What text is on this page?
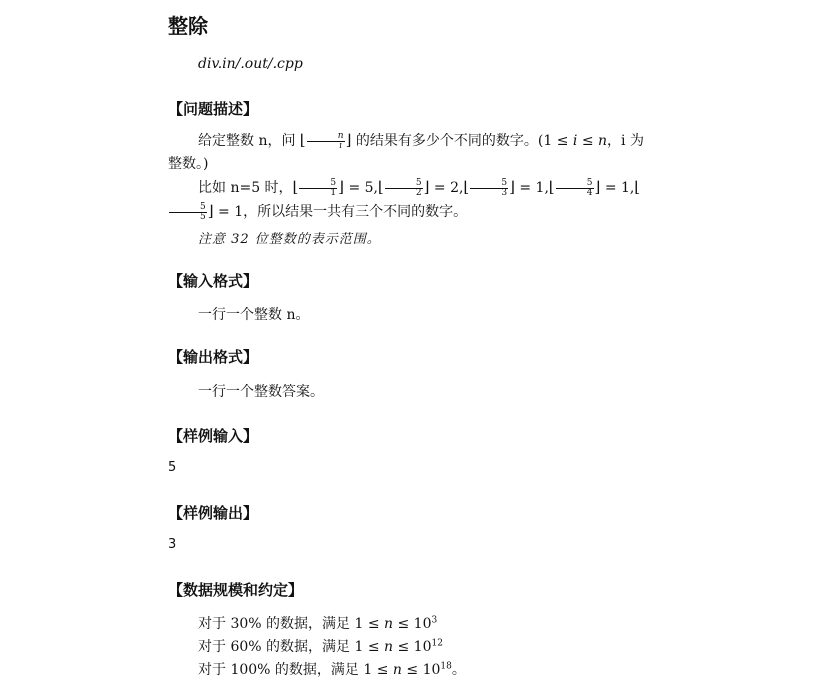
整除
div.in/.out/.cpp
【问题描述】

给定整数 n，问 ⌊ $\frac{n}{i}$ ⌋ 的结果有多少个不同的数字。(1 ≤ i ≤ n，i 为整数。)

比如 n=5 时，⌊ $\frac{5}{1}$ ⌋ = 5,⌊ $\frac{5}{2}$ ⌋ = 2,⌊ $\frac{5}{3}$ ⌋ = 1,⌊ $\frac{5}{4}$ ⌋ = 1,⌊
$\frac{5}{5}$ ⌋ = 1，所以结果一共有三个不同的数字。

注意 32 位整数的表示范围。
【输入格式】
一行一个整数 n。
【输出格式】
一行一个整数答案。
【样例输入】
5
【样例输出】
3
【数据规模和约定】
对于 30% 的数据，满足 $1 \le n \le 10^3$
对于 60% 的数据，满足 $1 \le n \le 10^{12}$
对于 100% 的数据，满足 $1 \le n \le 10^{18}$。
